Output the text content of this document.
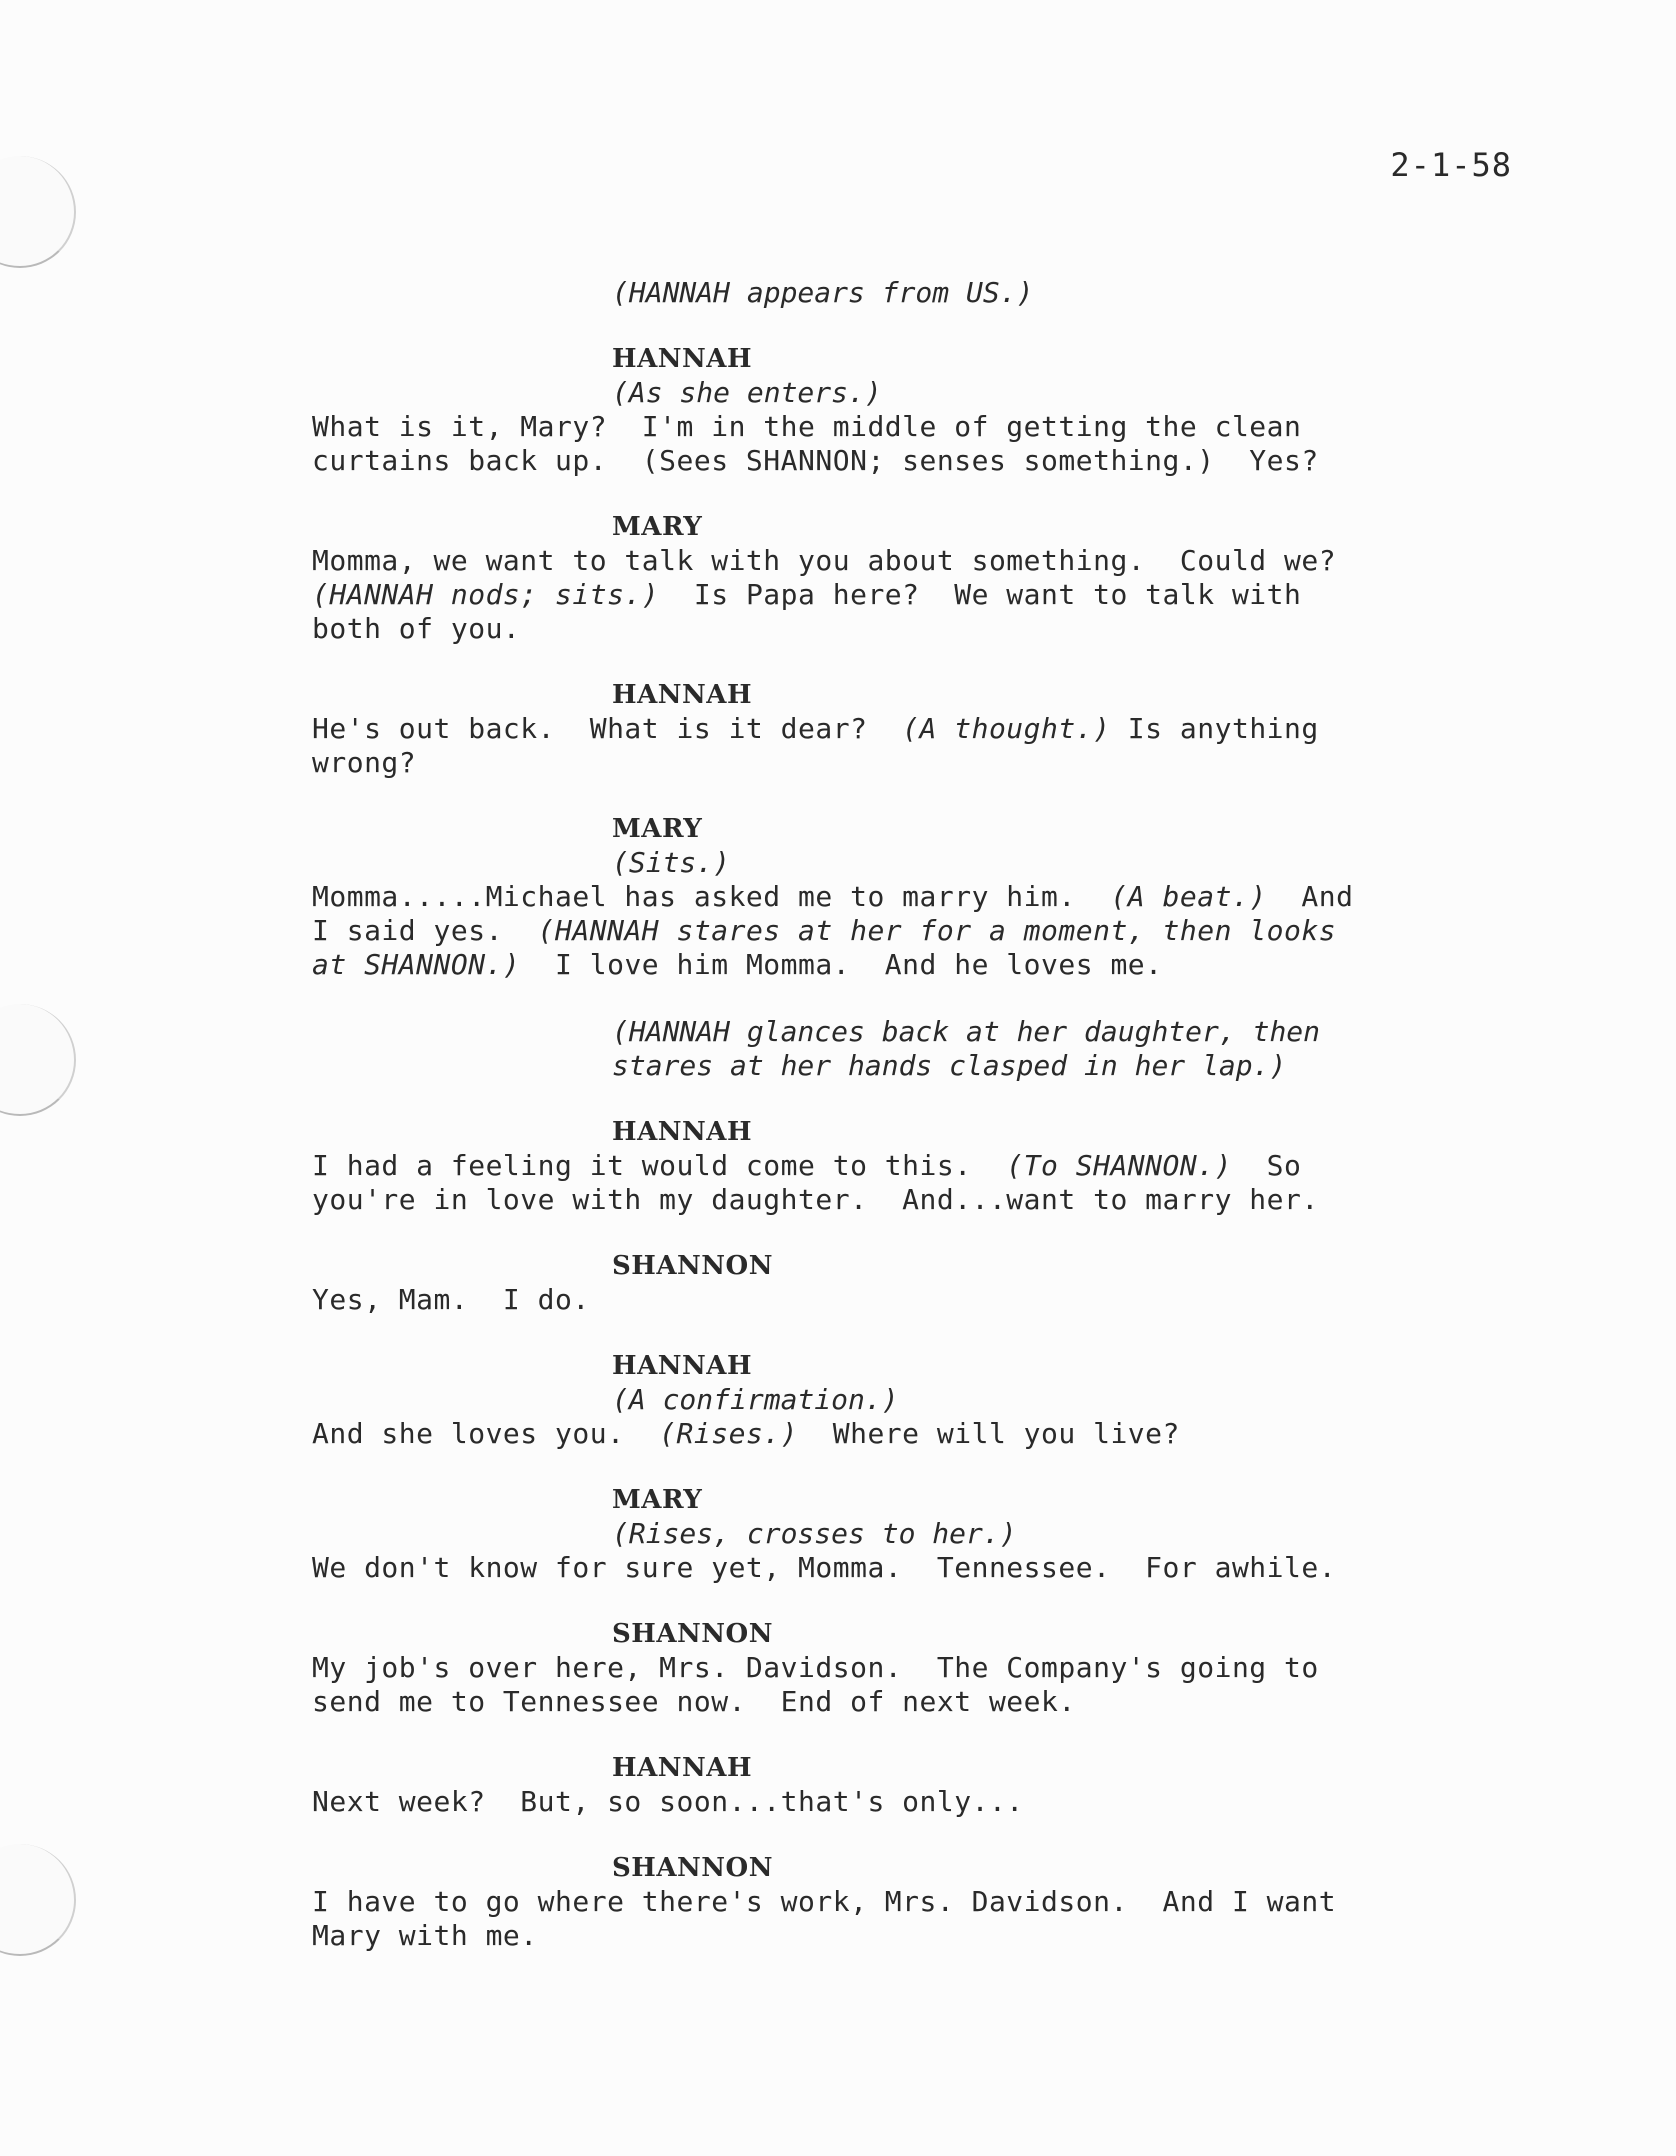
2-1-58
(HANNAH appears from US.)
HANNAH
(As she enters.)
What is it, Mary?  I'm in the middle of getting the clean
curtains back up.  (Sees SHANNON; senses something.)  Yes?
MARY
Momma, we want to talk with you about something.  Could we?
(HANNAH nods; sits.)  Is Papa here?  We want to talk with
both of you.
HANNAH
He's out back.  What is it dear?  (A thought.) Is anything
wrong?
MARY
(Sits.)
Momma.....Michael has asked me to marry him.  (A beat.)  And
I said yes.  (HANNAH stares at her for a moment, then looks
at SHANNON.)  I love him Momma.  And he loves me.
(HANNAH glances back at her daughter, then
stares at her hands clasped in her lap.)
HANNAH
I had a feeling it would come to this.  (To SHANNON.)  So
you're in love with my daughter.  And...want to marry her.
SHANNON
Yes, Mam.  I do.
HANNAH
(A confirmation.)
And she loves you.  (Rises.)  Where will you live?
MARY
(Rises, crosses to her.)
We don't know for sure yet, Momma.  Tennessee.  For awhile.
SHANNON
My job's over here, Mrs. Davidson.  The Company's going to
send me to Tennessee now.  End of next week.
HANNAH
Next week?  But, so soon...that's only...
SHANNON
I have to go where there's work, Mrs. Davidson.  And I want
Mary with me.
